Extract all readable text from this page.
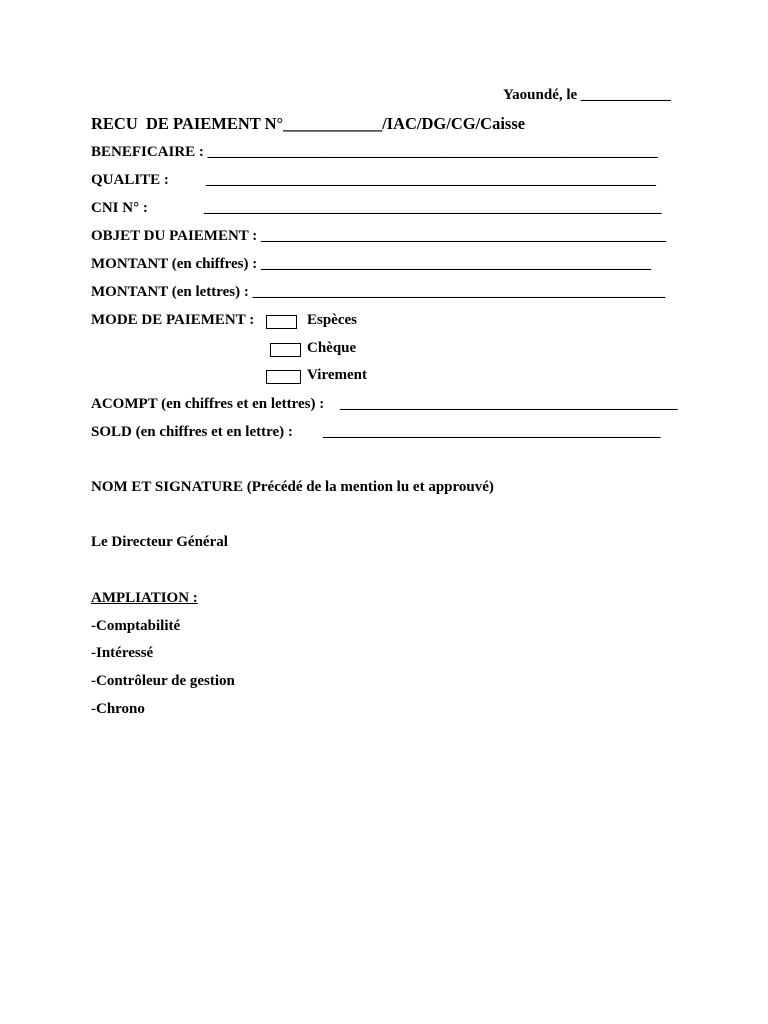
Yaoundé, le ____________
RECU  DE PAIEMENT N°____________/IAC/DG/CG/Caisse
BENEFICAIRE : ____________________________________________________________
QUALITE : ____________________________________________________________
CNI N° :	_____________________________________________________________
OBJET DU PAIEMENT : ______________________________________________________
MONTANT (en chiffres) : ____________________________________________________
MONTANT (en lettres) : _______________________________________________________
MODE DE PAIEMENT :	Espèces
Chèque
Virement
ACOMPT (en chiffres et en lettres) : _____________________________________________
SOLD (en chiffres et en lettre) : _____________________________________________
NOM ET SIGNATURE (Précédé de la mention lu et approuvé)
Le Directeur Général
AMPLIATION :
-Comptabilité
-Intéressé
-Contrôleur de gestion
-Chrono
